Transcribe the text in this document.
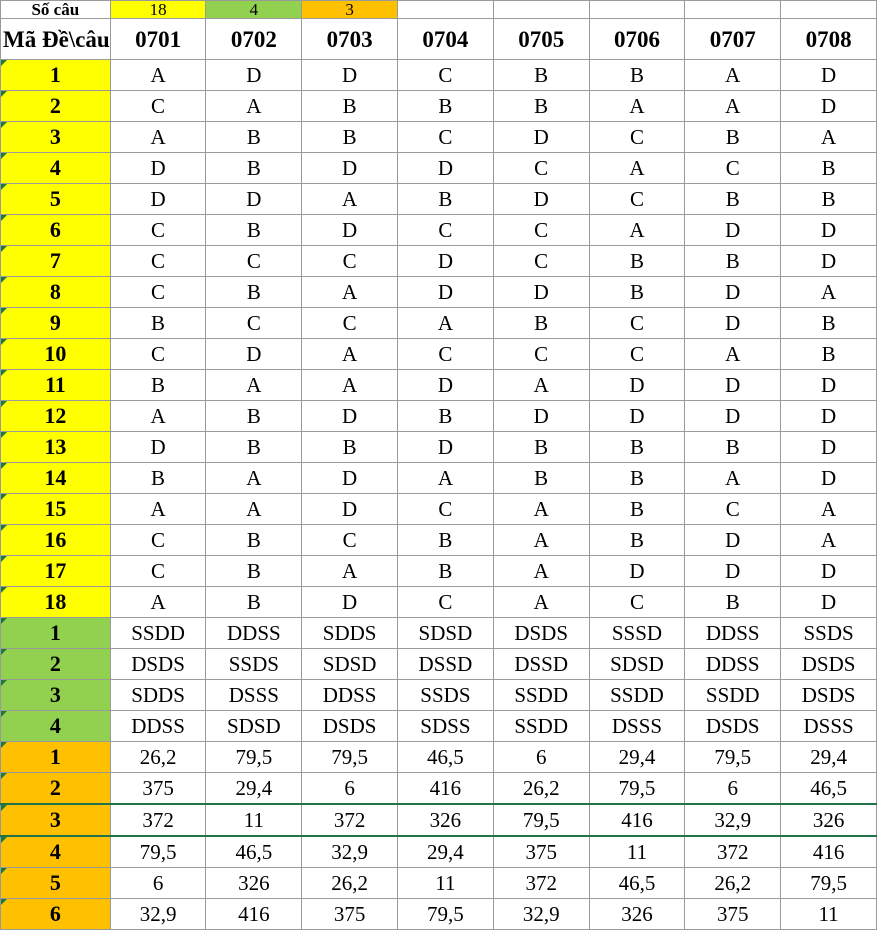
Số câu	18	4	3					
Mã Đề\câu	0701	0702	0703	0704	0705	0706	0707	0708
1	A	D	D	C	B	B	A	D
2	C	A	B	B	B	A	A	D
3	A	B	B	C	D	C	B	A
4	D	B	D	D	C	A	C	B
5	D	D	A	B	D	C	B	B
6	C	B	D	C	C	A	D	D
7	C	C	C	D	C	B	B	D
8	C	B	A	D	D	B	D	A
9	B	C	C	A	B	C	D	B
10	C	D	A	C	C	C	A	B
11	B	A	A	D	A	D	D	D
12	A	B	D	B	D	D	D	D
13	D	B	B	D	B	B	B	D
14	B	A	D	A	B	B	A	D
15	A	A	D	C	A	B	C	A
16	C	B	C	B	A	B	D	A
17	C	B	A	B	A	D	D	D
18	A	B	D	C	A	C	B	D
1	SSDD	DDSS	SDDS	SDSD	DSDS	SSSD	DDSS	SSDS
2	DSDS	SSDS	SDSD	DSSD	DSSD	SDSD	DDSS	DSDS
3	SDDS	DSSS	DDSS	SSDS	SSDD	SSDD	SSDD	DSDS
4	DDSS	SDSD	DSDS	SDSS	SSDD	DSSS	DSDS	DSSS
1	26,2	79,5	79,5	46,5	6	29,4	79,5	29,4
2	375	29,4	6	416	26,2	79,5	6	46,5
3	372	11	372	326	79,5	416	32,9	326
4	79,5	46,5	32,9	29,4	375	11	372	416
5	6	326	26,2	11	372	46,5	26,2	79,5
6	32,9	416	375	79,5	32,9	326	375	11
